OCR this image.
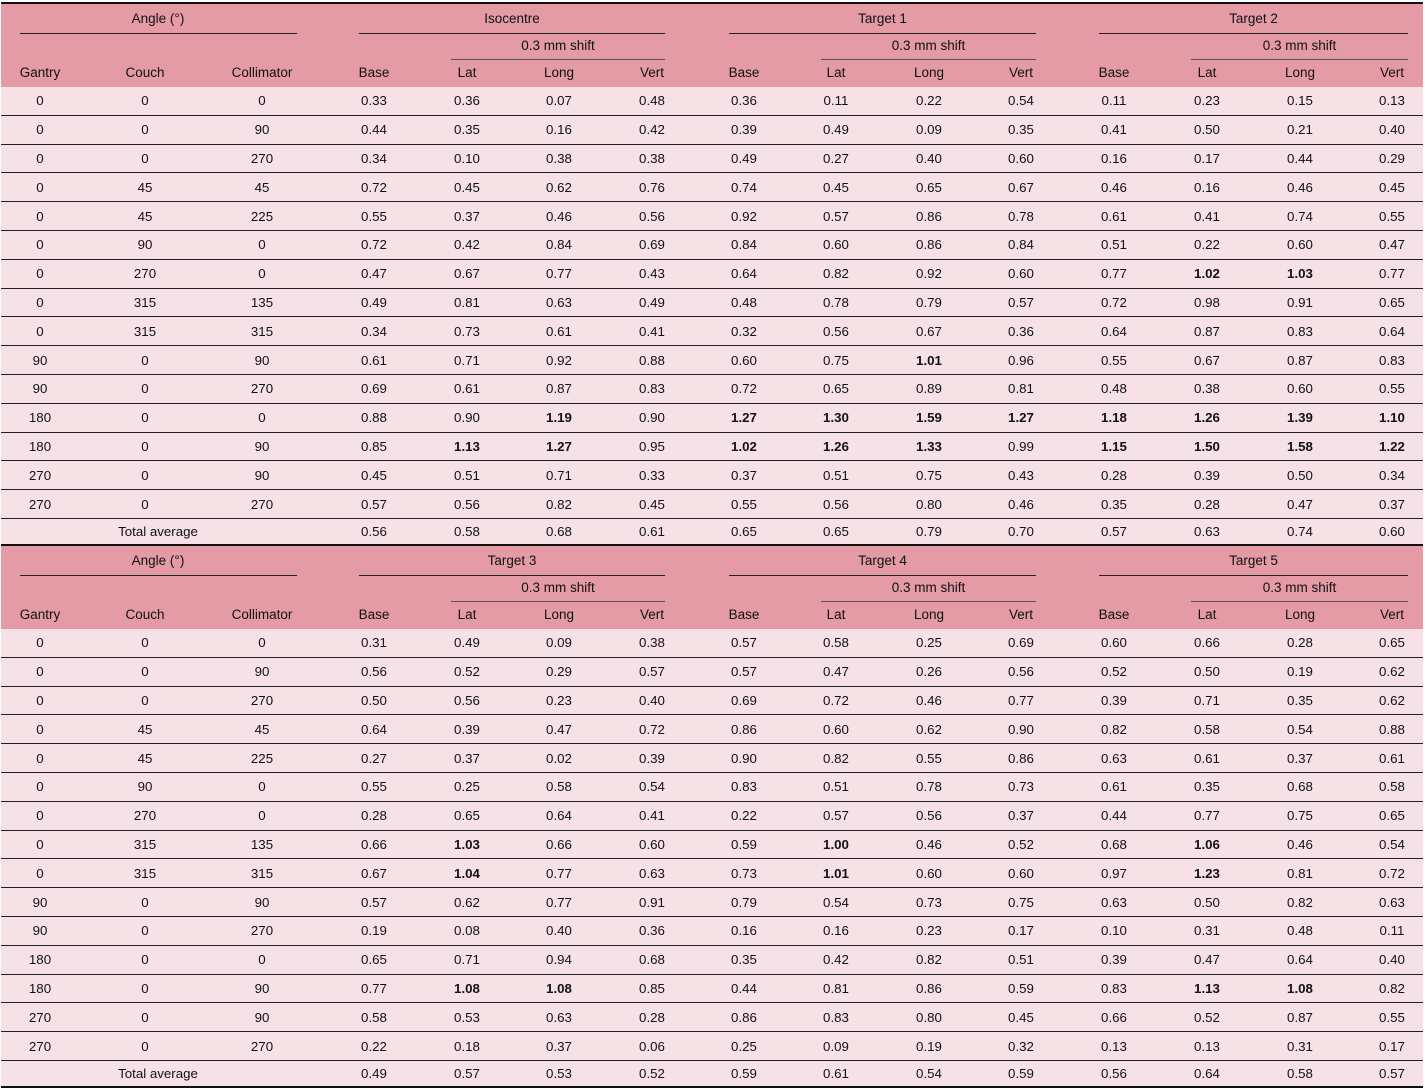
Angle (°)
Gantry	Couch	Collimator
Isocentre
0.3 mm shift
Base	Lat	Long	Vert
Target 1
0.3 mm shift
Base	Lat	Long	Vert
Target 2
0.3 mm shift
Base	Lat	Long	Vert
0	0	0	0.33	0.36	0.07	0.48	0.36	0.11	0.22	0.54	0.11	0.23	0.15	0.13
0	0	90	0.44	0.35	0.16	0.42	0.39	0.49	0.09	0.35	0.41	0.50	0.21	0.40
0	0	270	0.34	0.10	0.38	0.38	0.49	0.27	0.40	0.60	0.16	0.17	0.44	0.29
0	45	45	0.72	0.45	0.62	0.76	0.74	0.45	0.65	0.67	0.46	0.16	0.46	0.45
0	45	225	0.55	0.37	0.46	0.56	0.92	0.57	0.86	0.78	0.61	0.41	0.74	0.55
0	90	0	0.72	0.42	0.84	0.69	0.84	0.60	0.86	0.84	0.51	0.22	0.60	0.47
0	270	0	0.47	0.67	0.77	0.43	0.64	0.82	0.92	0.60	0.77	1.02	1.03	0.77
0	315	135	0.49	0.81	0.63	0.49	0.48	0.78	0.79	0.57	0.72	0.98	0.91	0.65
0	315	315	0.34	0.73	0.61	0.41	0.32	0.56	0.67	0.36	0.64	0.87	0.83	0.64
90	0	90	0.61	0.71	0.92	0.88	0.60	0.75	1.01	0.96	0.55	0.67	0.87	0.83
90	0	270	0.69	0.61	0.87	0.83	0.72	0.65	0.89	0.81	0.48	0.38	0.60	0.55
180	0	0	0.88	0.90	1.19	0.90	1.27	1.30	1.59	1.27	1.18	1.26	1.39	1.10
180	0	90	0.85	1.13	1.27	0.95	1.02	1.26	1.33	0.99	1.15	1.50	1.58	1.22
270	0	90	0.45	0.51	0.71	0.33	0.37	0.51	0.75	0.43	0.28	0.39	0.50	0.34
270	0	270	0.57	0.56	0.82	0.45	0.55	0.56	0.80	0.46	0.35	0.28	0.47	0.37
Total average	0.56	0.58	0.68	0.61	0.65	0.65	0.79	0.70	0.57	0.63	0.74	0.60
Angle (°)
Gantry	Couch	Collimator
Target 3
0.3 mm shift
Base	Lat	Long	Vert
Target 4
0.3 mm shift
Base	Lat	Long	Vert
Target 5
0.3 mm shift
Base	Lat	Long	Vert
0	0	0	0.31	0.49	0.09	0.38	0.57	0.58	0.25	0.69	0.60	0.66	0.28	0.65
0	0	90	0.56	0.52	0.29	0.57	0.57	0.47	0.26	0.56	0.52	0.50	0.19	0.62
0	0	270	0.50	0.56	0.23	0.40	0.69	0.72	0.46	0.77	0.39	0.71	0.35	0.62
0	45	45	0.64	0.39	0.47	0.72	0.86	0.60	0.62	0.90	0.82	0.58	0.54	0.88
0	45	225	0.27	0.37	0.02	0.39	0.90	0.82	0.55	0.86	0.63	0.61	0.37	0.61
0	90	0	0.55	0.25	0.58	0.54	0.83	0.51	0.78	0.73	0.61	0.35	0.68	0.58
0	270	0	0.28	0.65	0.64	0.41	0.22	0.57	0.56	0.37	0.44	0.77	0.75	0.65
0	315	135	0.66	1.03	0.66	0.60	0.59	1.00	0.46	0.52	0.68	1.06	0.46	0.54
0	315	315	0.67	1.04	0.77	0.63	0.73	1.01	0.60	0.60	0.97	1.23	0.81	0.72
90	0	90	0.57	0.62	0.77	0.91	0.79	0.54	0.73	0.75	0.63	0.50	0.82	0.63
90	0	270	0.19	0.08	0.40	0.36	0.16	0.16	0.23	0.17	0.10	0.31	0.48	0.11
180	0	0	0.65	0.71	0.94	0.68	0.35	0.42	0.82	0.51	0.39	0.47	0.64	0.40
180	0	90	0.77	1.08	1.08	0.85	0.44	0.81	0.86	0.59	0.83	1.13	1.08	0.82
270	0	90	0.58	0.53	0.63	0.28	0.86	0.83	0.80	0.45	0.66	0.52	0.87	0.55
270	0	270	0.22	0.18	0.37	0.06	0.25	0.09	0.19	0.32	0.13	0.13	0.31	0.17
Total average	0.49	0.57	0.53	0.52	0.59	0.61	0.54	0.59	0.56	0.64	0.58	0.57
